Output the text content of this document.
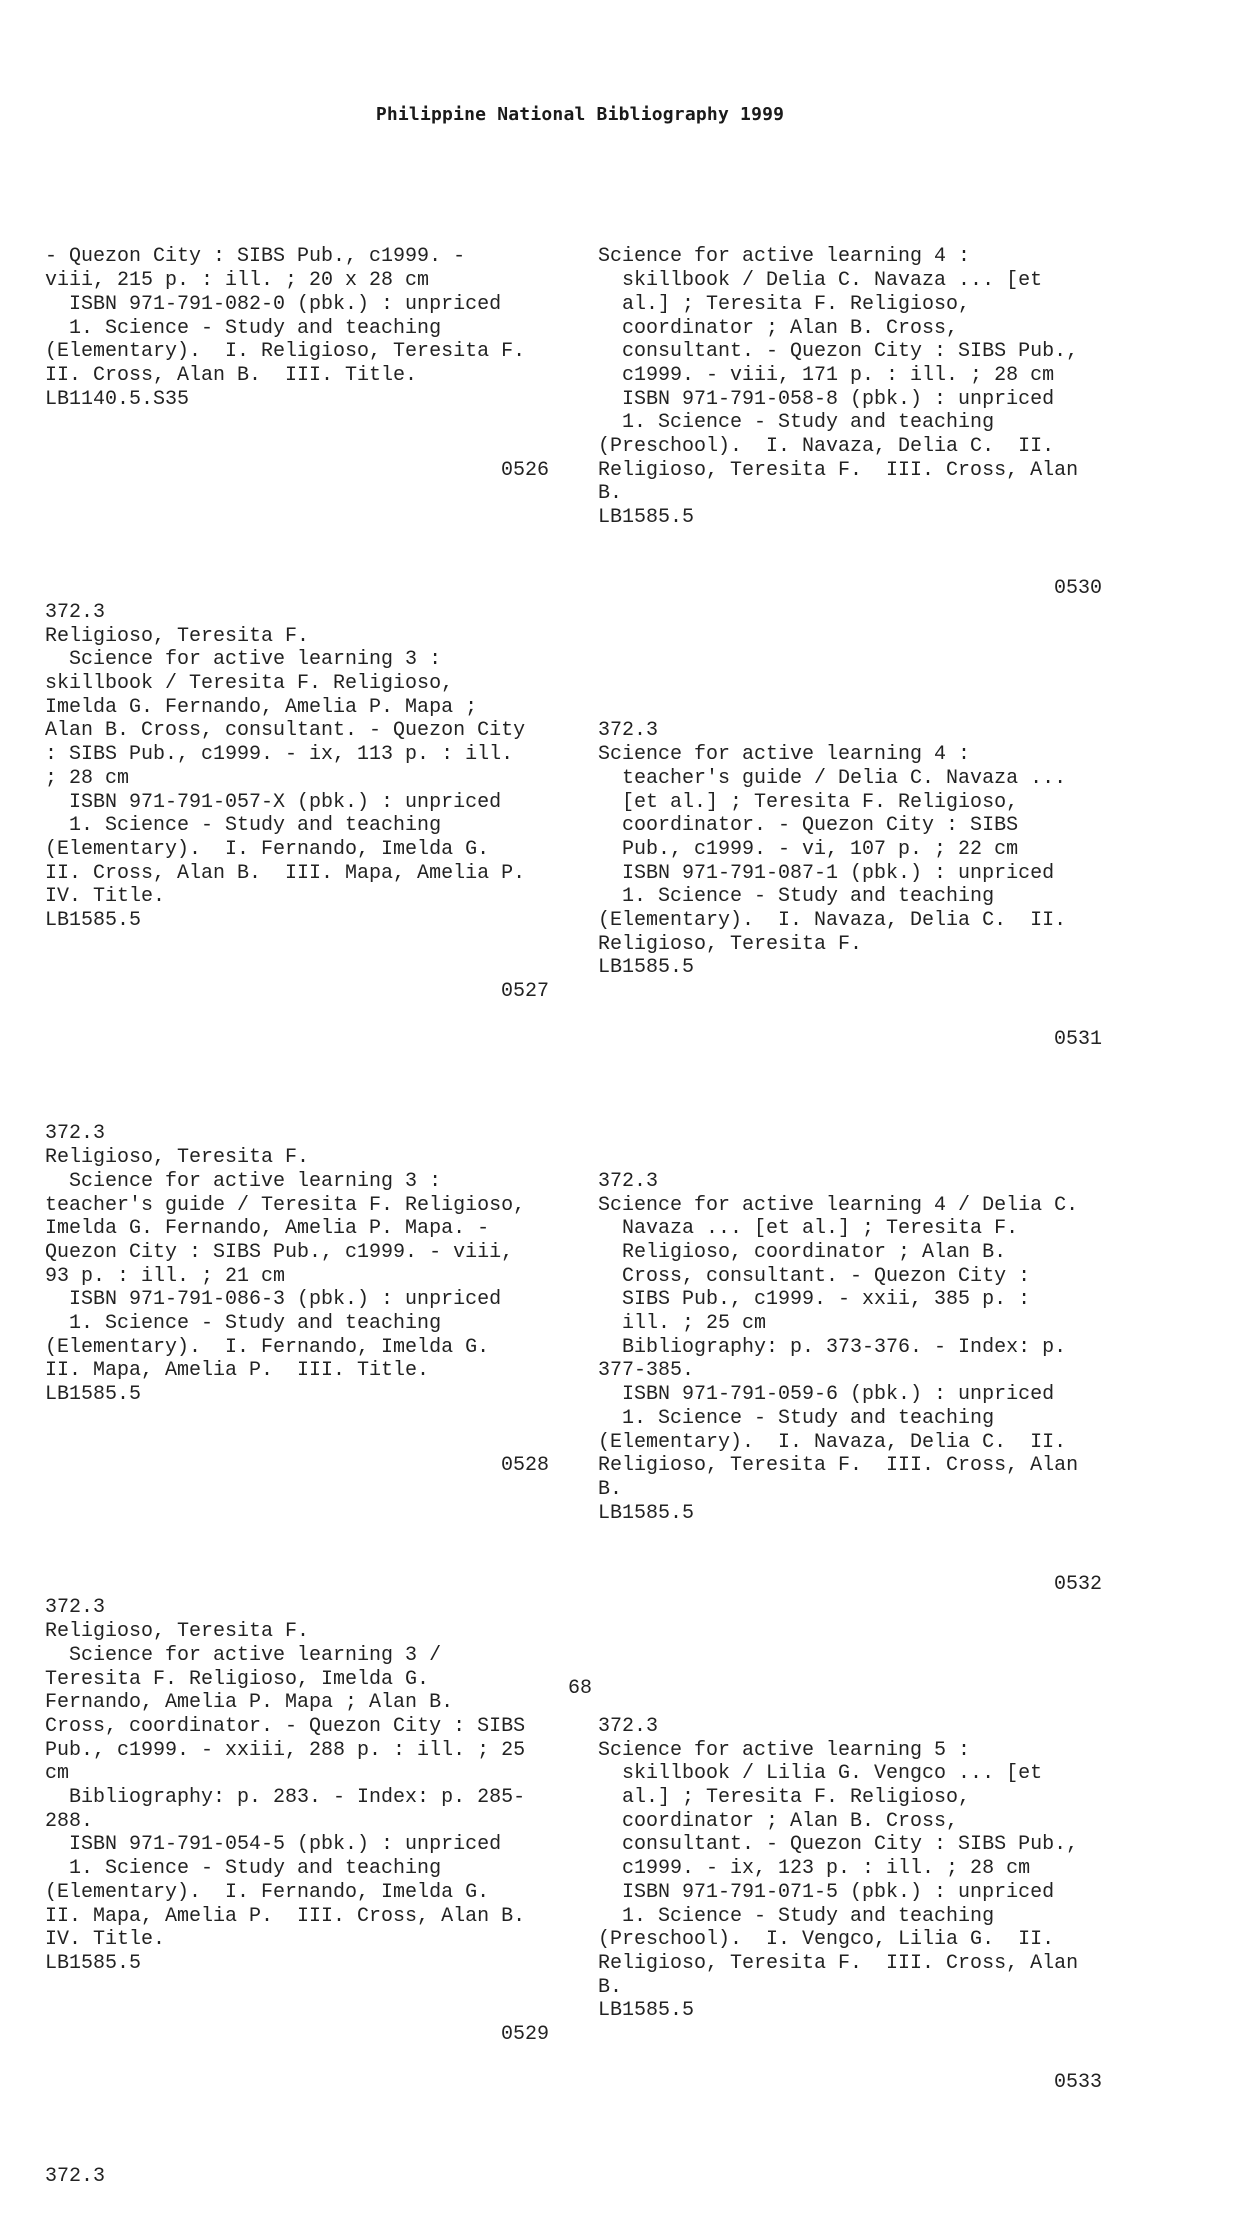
Philippine National Bibliography 1999

- Quezon City : SIBS Pub., c1999. -
viii, 215 p. : ill. ; 20 x 28 cm
ISBN 971-791-082-0 (pbk.) : unpriced
1. Science - Study and teaching
(Elementary).  I. Religioso, Teresita F.
II. Cross, Alan B.  III. Title.
LB1140.5.S35

0526

372.3
Religioso, Teresita F.
Science for active learning 3 :
skillbook / Teresita F. Religioso,
Imelda G. Fernando, Amelia P. Mapa ;
Alan B. Cross, consultant. - Quezon City
: SIBS Pub., c1999. - ix, 113 p. : ill.
; 28 cm
ISBN 971-791-057-X (pbk.) : unpriced
1. Science - Study and teaching
(Elementary).  I. Fernando, Imelda G.
II. Cross, Alan B.  III. Mapa, Amelia P.
IV. Title.
LB1585.5

0527

372.3
Religioso, Teresita F.
Science for active learning 3 :
teacher's guide / Teresita F. Religioso,
Imelda G. Fernando, Amelia P. Mapa. -
Quezon City : SIBS Pub., c1999. - viii,
93 p. : ill. ; 21 cm
ISBN 971-791-086-3 (pbk.) : unpriced
1. Science - Study and teaching
(Elementary).  I. Fernando, Imelda G.
II. Mapa, Amelia P.  III. Title.
LB1585.5

0528

372.3
Religioso, Teresita F.
Science for active learning 3 /
Teresita F. Religioso, Imelda G.
Fernando, Amelia P. Mapa ; Alan B.
Cross, coordinator. - Quezon City : SIBS
Pub., c1999. - xxiii, 288 p. : ill. ; 25
cm
Bibliography: p. 283. - Index: p. 285-
288.
ISBN 971-791-054-5 (pbk.) : unpriced
1. Science - Study and teaching
(Elementary).  I. Fernando, Imelda G.
II. Mapa, Amelia P.  III. Cross, Alan B.
IV. Title.
LB1585.5

0529

372.3

Science for active learning 4 :
skillbook / Delia C. Navaza ... [et
al.] ; Teresita F. Religioso,
coordinator ; Alan B. Cross,
consultant. - Quezon City : SIBS Pub.,
c1999. - viii, 171 p. : ill. ; 28 cm
ISBN 971-791-058-8 (pbk.) : unpriced
1. Science - Study and teaching
(Preschool).  I. Navaza, Delia C.  II.
Religioso, Teresita F.  III. Cross, Alan
B.
LB1585.5

0530

372.3
Science for active learning 4 :
teacher's guide / Delia C. Navaza ...
[et al.] ; Teresita F. Religioso,
coordinator. - Quezon City : SIBS
Pub., c1999. - vi, 107 p. ; 22 cm
ISBN 971-791-087-1 (pbk.) : unpriced
1. Science - Study and teaching
(Elementary).  I. Navaza, Delia C.  II.
Religioso, Teresita F.
LB1585.5

0531

372.3
Science for active learning 4 / Delia C.
Navaza ... [et al.] ; Teresita F.
Religioso, coordinator ; Alan B.
Cross, consultant. - Quezon City :
SIBS Pub., c1999. - xxii, 385 p. :
ill. ; 25 cm
Bibliography: p. 373-376. - Index: p.
377-385.
ISBN 971-791-059-6 (pbk.) : unpriced
1. Science - Study and teaching
(Elementary).  I. Navaza, Delia C.  II.
Religioso, Teresita F.  III. Cross, Alan
B.
LB1585.5

0532

372.3
Science for active learning 5 :
skillbook / Lilia G. Vengco ... [et
al.] ; Teresita F. Religioso,
coordinator ; Alan B. Cross,
consultant. - Quezon City : SIBS Pub.,
c1999. - ix, 123 p. : ill. ; 28 cm
ISBN 971-791-071-5 (pbk.) : unpriced
1. Science - Study and teaching
(Preschool).  I. Vengco, Lilia G.  II.
Religioso, Teresita F.  III. Cross, Alan
B.
LB1585.5

0533

68
